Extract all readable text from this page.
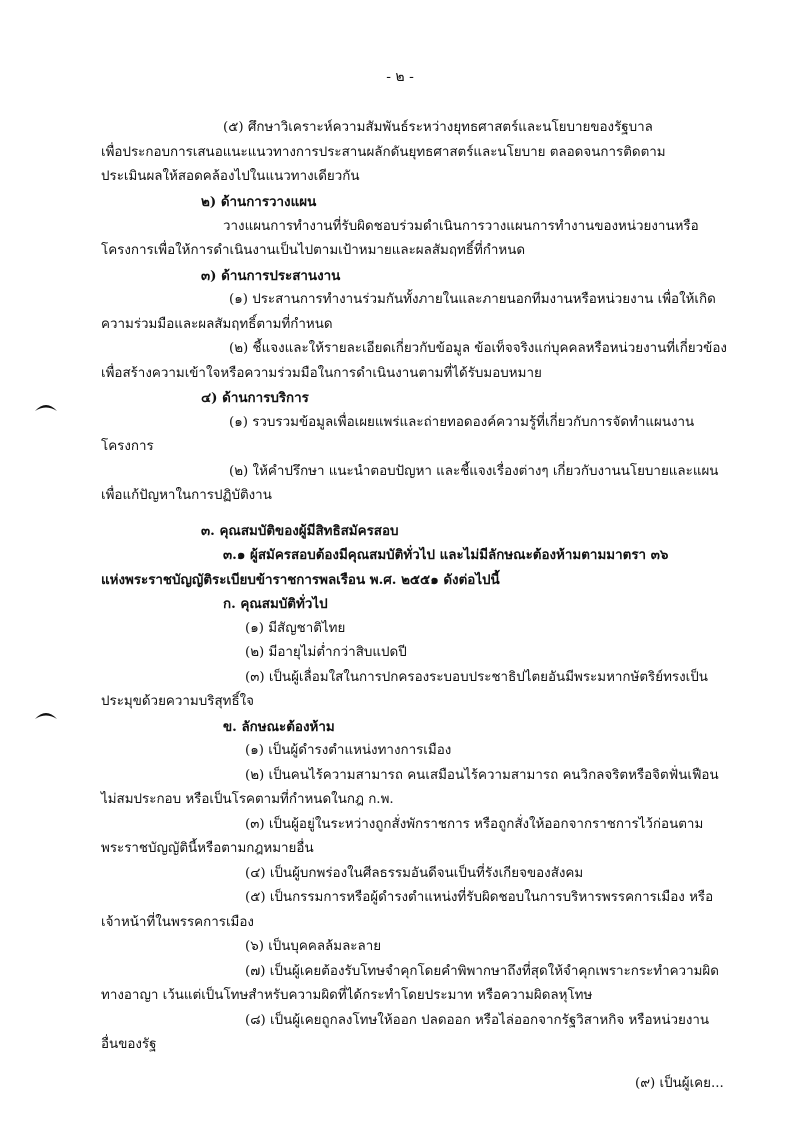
- ๒ -
(๕) ศึกษาวิเคราะห์ความสัมพันธ์ระหว่างยุทธศาสตร์และนโยบายของรัฐบาล
เพื่อประกอบการเสนอแนะแนวทางการประสานผลักดันยุทธศาสตร์และนโยบาย ตลอดจนการติดตาม
ประเมินผลให้สอดคล้องไปในแนวทางเดียวกัน
๒) ด้านการวางแผน
วางแผนการทำงานที่รับผิดชอบร่วมดำเนินการวางแผนการทำงานของหน่วยงานหรือ
โครงการเพื่อให้การดำเนินงานเป็นไปตามเป้าหมายและผลสัมฤทธิ์ที่กำหนด
๓) ด้านการประสานงาน
(๑) ประสานการทำงานร่วมกันทั้งภายในและภายนอกทีมงานหรือหน่วยงาน เพื่อให้เกิด
ความร่วมมือและผลสัมฤทธิ์ตามที่กำหนด
(๒) ชี้แจงและให้รายละเอียดเกี่ยวกับข้อมูล ข้อเท็จจริงแก่บุคคลหรือหน่วยงานที่เกี่ยวข้อง
เพื่อสร้างความเข้าใจหรือความร่วมมือในการดำเนินงานตามที่ได้รับมอบหมาย
๔) ด้านการบริการ
(๑) รวบรวมข้อมูลเพื่อเผยแพร่และถ่ายทอดองค์ความรู้ที่เกี่ยวกับการจัดทำแผนงาน
โครงการ
(๒) ให้คำปรึกษา แนะนำตอบปัญหา และชี้แจงเรื่องต่างๆ เกี่ยวกับงานนโยบายและแผน
เพื่อแก้ปัญหาในการปฏิบัติงาน
๓. คุณสมบัติของผู้มีสิทธิสมัครสอบ
๓.๑ ผู้สมัครสอบต้องมีคุณสมบัติทั่วไป และไม่มีลักษณะต้องห้ามตามมาตรา ๓๖
แห่งพระราชบัญญัติระเบียบข้าราชการพลเรือน พ.ศ. ๒๕๕๑ ดังต่อไปนี้
ก. คุณสมบัติทั่วไป
(๑) มีสัญชาติไทย
(๒) มีอายุไม่ต่ำกว่าสิบแปดปี
(๓) เป็นผู้เลื่อมใสในการปกครองระบอบประชาธิปไตยอันมีพระมหากษัตริย์ทรงเป็น
ประมุขด้วยความบริสุทธิ์ใจ
ข. ลักษณะต้องห้าม
(๑) เป็นผู้ดำรงตำแหน่งทางการเมือง
(๒) เป็นคนไร้ความสามารถ คนเสมือนไร้ความสามารถ คนวิกลจริตหรือจิตฟั่นเฟือน
ไม่สมประกอบ หรือเป็นโรคตามที่กำหนดในกฎ ก.พ.
(๓) เป็นผู้อยู่ในระหว่างถูกสั่งพักราชการ หรือถูกสั่งให้ออกจากราชการไว้ก่อนตาม
พระราชบัญญัตินี้หรือตามกฎหมายอื่น
(๔) เป็นผู้บกพร่องในศีลธรรมอันดีจนเป็นที่รังเกียจของสังคม
(๕) เป็นกรรมการหรือผู้ดำรงตำแหน่งที่รับผิดชอบในการบริหารพรรคการเมือง หรือ
เจ้าหน้าที่ในพรรคการเมือง
(๖) เป็นบุคคลล้มละลาย
(๗) เป็นผู้เคยต้องรับโทษจำคุกโดยคำพิพากษาถึงที่สุดให้จำคุกเพราะกระทำความผิด
ทางอาญา เว้นแต่เป็นโทษสำหรับความผิดที่ได้กระทำโดยประมาท หรือความผิดลหุโทษ
(๘) เป็นผู้เคยถูกลงโทษให้ออก ปลดออก หรือไล่ออกจากรัฐวิสาหกิจ หรือหน่วยงาน
อื่นของรัฐ
(๙) เป็นผู้เคย...
